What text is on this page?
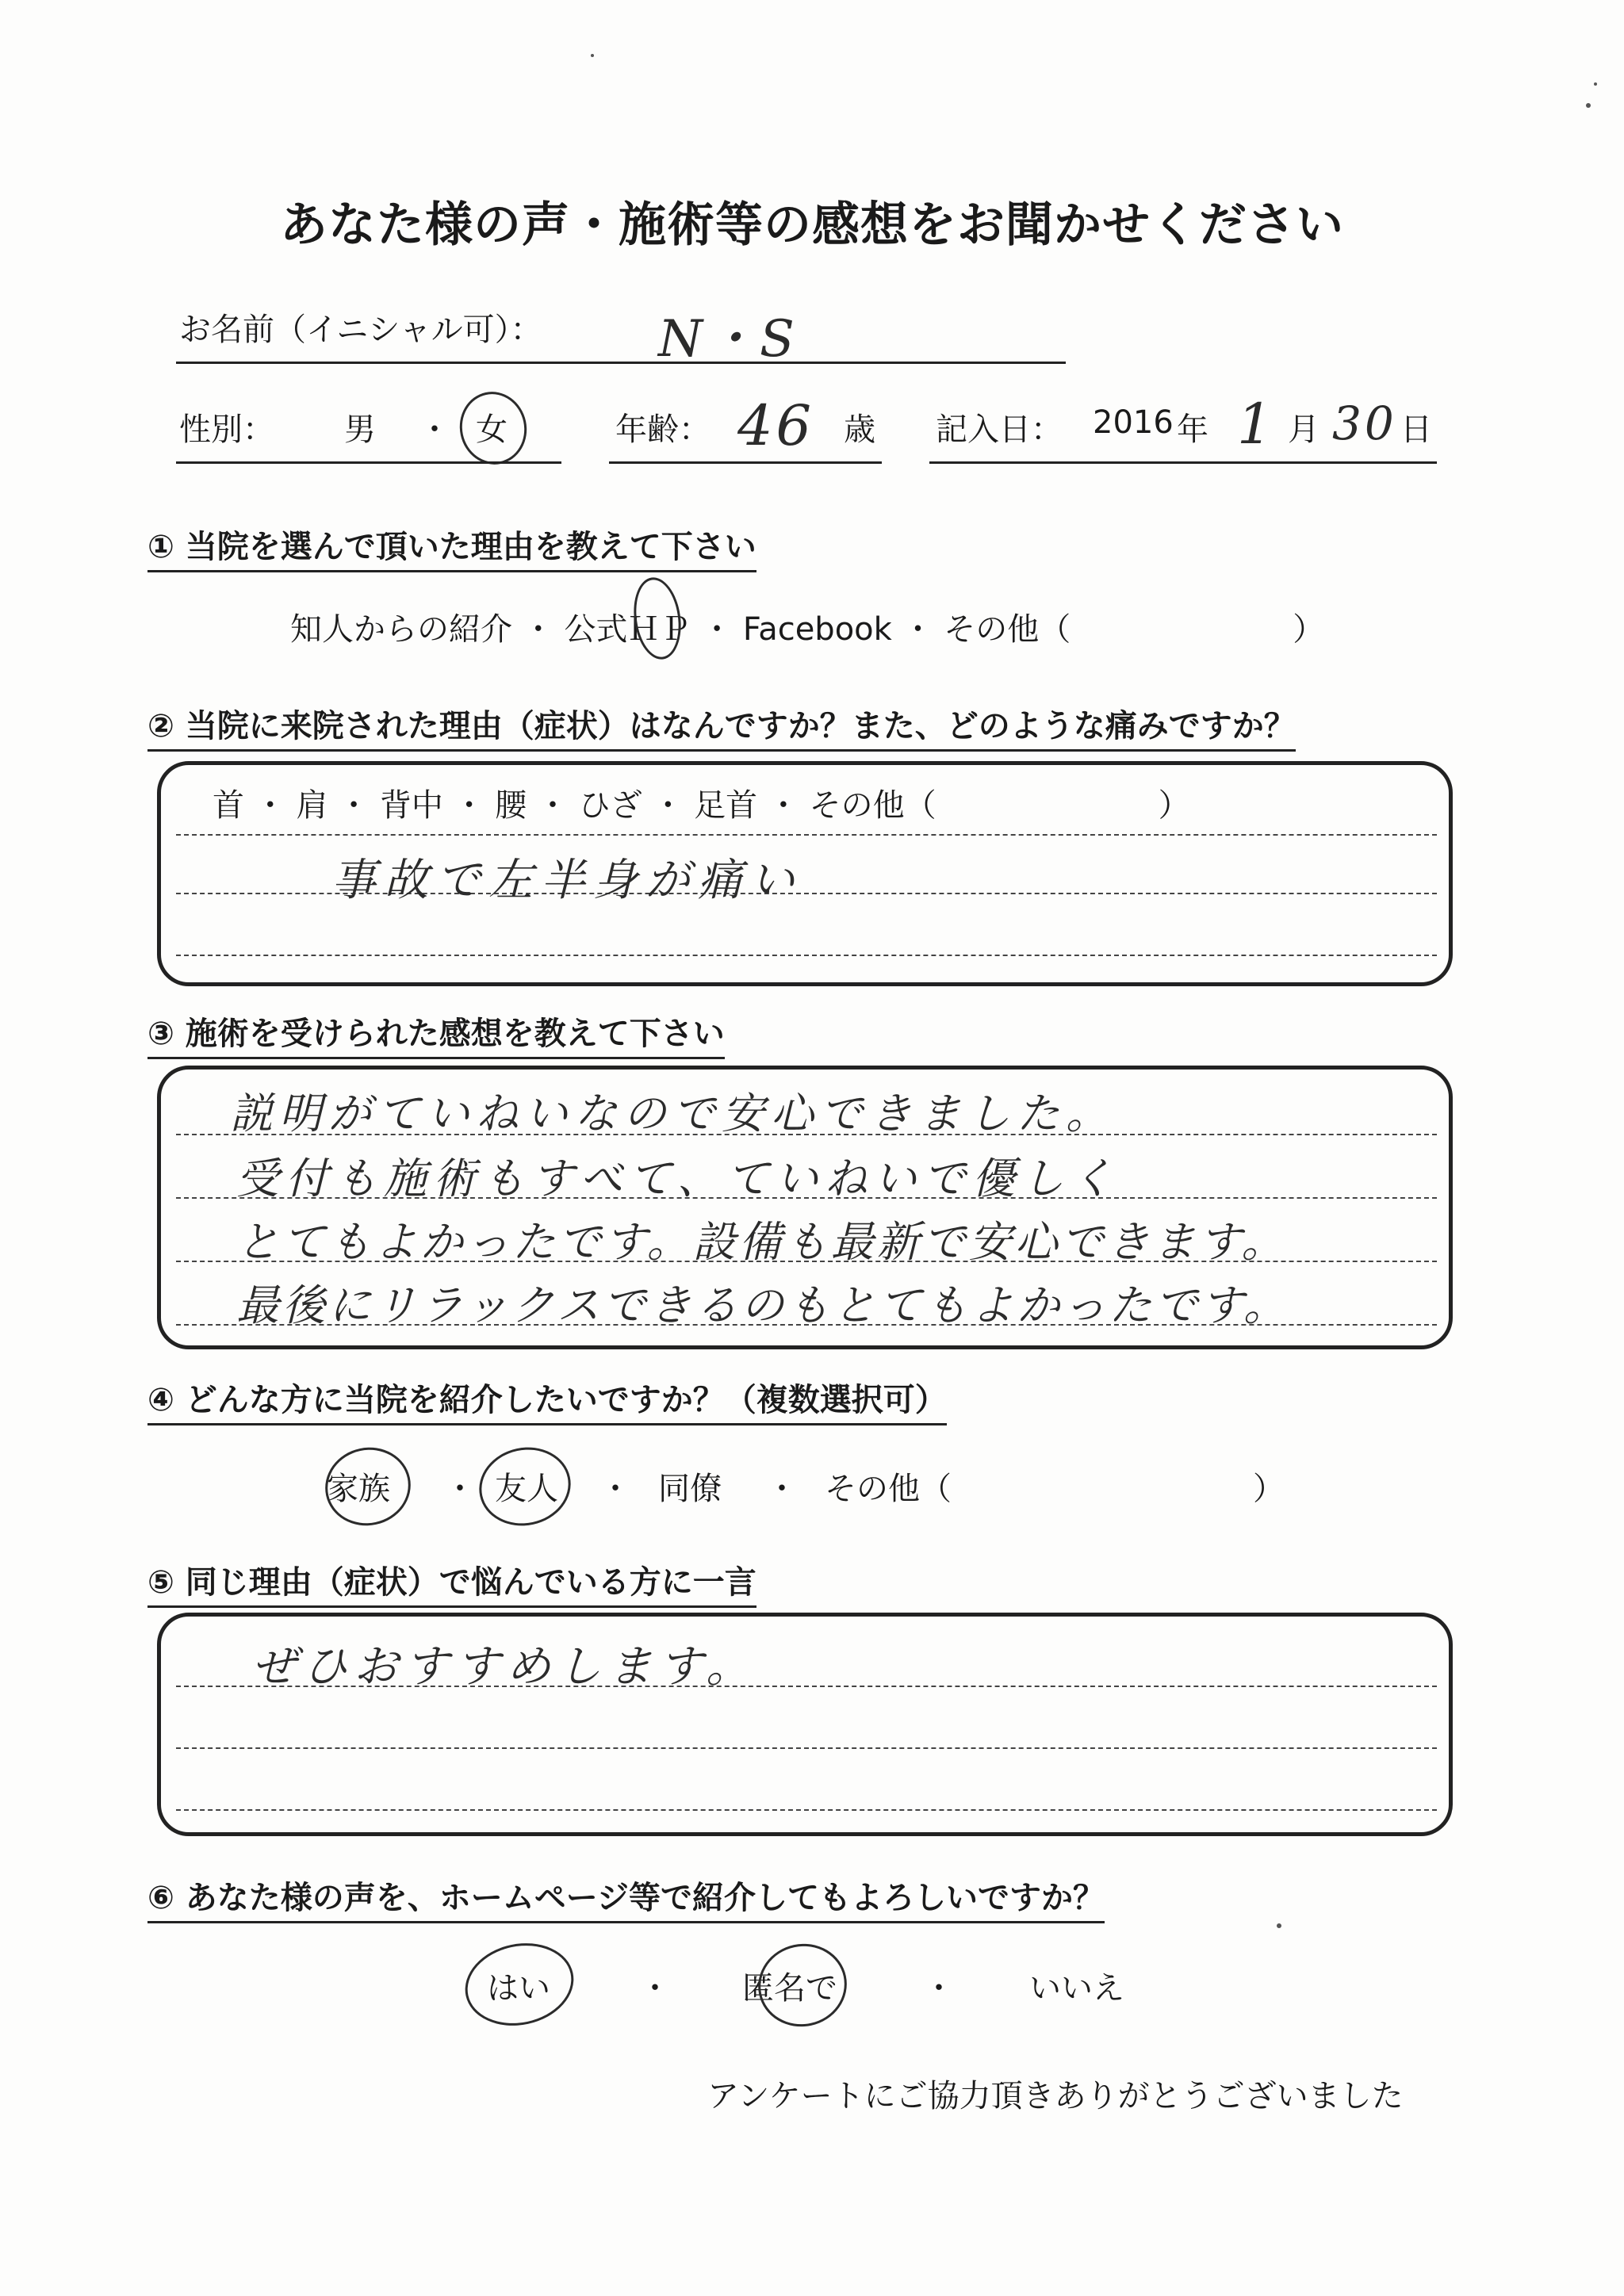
あなた様の声・施術等の感想をお聞かせください
お名前（イニシャル可）： N・S
性別： 男 ・ 女	年齢： 46 歳 記入日： 2016 年 1 月 30 日
① 当院を選んで頂いた理由を教えて下さい
知人からの紹介 ・ 公式ＨＰ ・ Facebook ・ その他（　　　　　　　）
② 当院に来院された理由（症状）はなんですか？また、どのような痛みですか？
首 ・ 肩 ・ 背中 ・ 腰 ・ ひざ ・ 足首 ・ その他（　　　　　　　）
事故で左半身が痛い
③ 施術を受けられた感想を教えて下さい
説明がていねいなので安心できました。
受付も施術もすべて、ていねいで優しく
とてもよかったです。設備も最新で安心できます。
最後にリラックスできるのもとてもよかったです。
④ どんな方に当院を紹介したいですか？（複数選択可）
家族 ・ 友人 ・ 同僚 ・ その他（	）
⑤ 同じ理由（症状）で悩んでいる方に一言
ぜひおすすめします。
⑥ あなた様の声を、ホームページ等で紹介してもよろしいですか？
はい	・ 匿名で	・ いいえ
アンケートにご協力頂きありがとうございました
